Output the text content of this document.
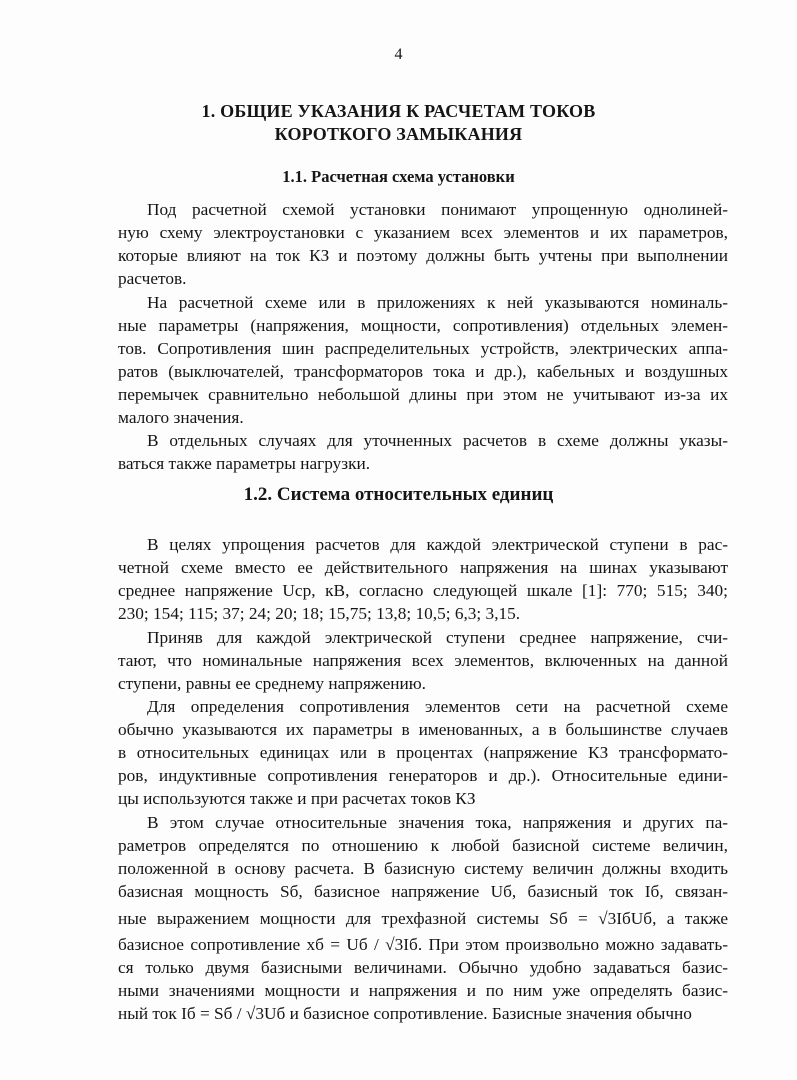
4
1. ОБЩИЕ УКАЗАНИЯ К РАСЧЕТАМ ТОКОВ
КОРОТКОГО ЗАМЫКАНИЯ
1.1. Расчетная схема установки
1.2. Система относительных единиц
Под расчетной схемой установки понимают упрощенную однолиней-
ную схему электроустановки с указанием всех элементов и их параметров,
которые влияют на ток КЗ и поэтому должны быть учтены при выполнении
расчетов.
На расчетной схеме или в приложениях к ней указываются номиналь-
ные параметры (напряжения, мощности, сопротивления) отдельных элемен-
тов. Сопротивления шин распределительных устройств, электрических аппа-
ратов (выключателей, трансформаторов тока и др.), кабельных и воздушных
перемычек сравнительно небольшой длины при этом не учитывают из-за их
малого значения.
В отдельных случаях для уточненных расчетов в схеме должны указы-
ваться также параметры нагрузки.
В целях упрощения расчетов для каждой электрической ступени в рас-
четной схеме вместо ее действительного напряжения на шинах указывают
среднее напряжение Uср, кВ, согласно следующей шкале [1]: 770; 515; 340;
230; 154; 115; 37; 24; 20; 18; 15,75; 13,8; 10,5; 6,3; 3,15.
Приняв для каждой электрической ступени среднее напряжение, счи-
тают, что номинальные напряжения всех элементов, включенных на данной
ступени, равны ее среднему напряжению.
Для определения сопротивления элементов сети на расчетной схеме
обычно указываются их параметры в именованных, а в большинстве случаев
в относительных единицах или в процентах (напряжение КЗ трансформато-
ров, индуктивные сопротивления генераторов и др.). Относительные едини-
цы используются также и при расчетах токов КЗ
В этом случае относительные значения тока, напряжения и других па-
раметров определятся по отношению к любой базисной системе величин,
положенной в основу расчета. В базисную систему величин должны входить
базисная мощность Sб, базисное напряжение Uб, базисный ток Iб, связан-
ные выражением мощности для трехфазной системы Sб = √3IбUб, а также
базисное сопротивление xб = Uб / √3Iб. При этом произвольно можно задавать-
ся только двумя базисными величинами. Обычно удобно задаваться базис-
ными значениями мощности и напряжения и по ним уже определять базис-
ный ток Iб = Sб / √3Uб и базисное сопротивление. Базисные значения обычно
